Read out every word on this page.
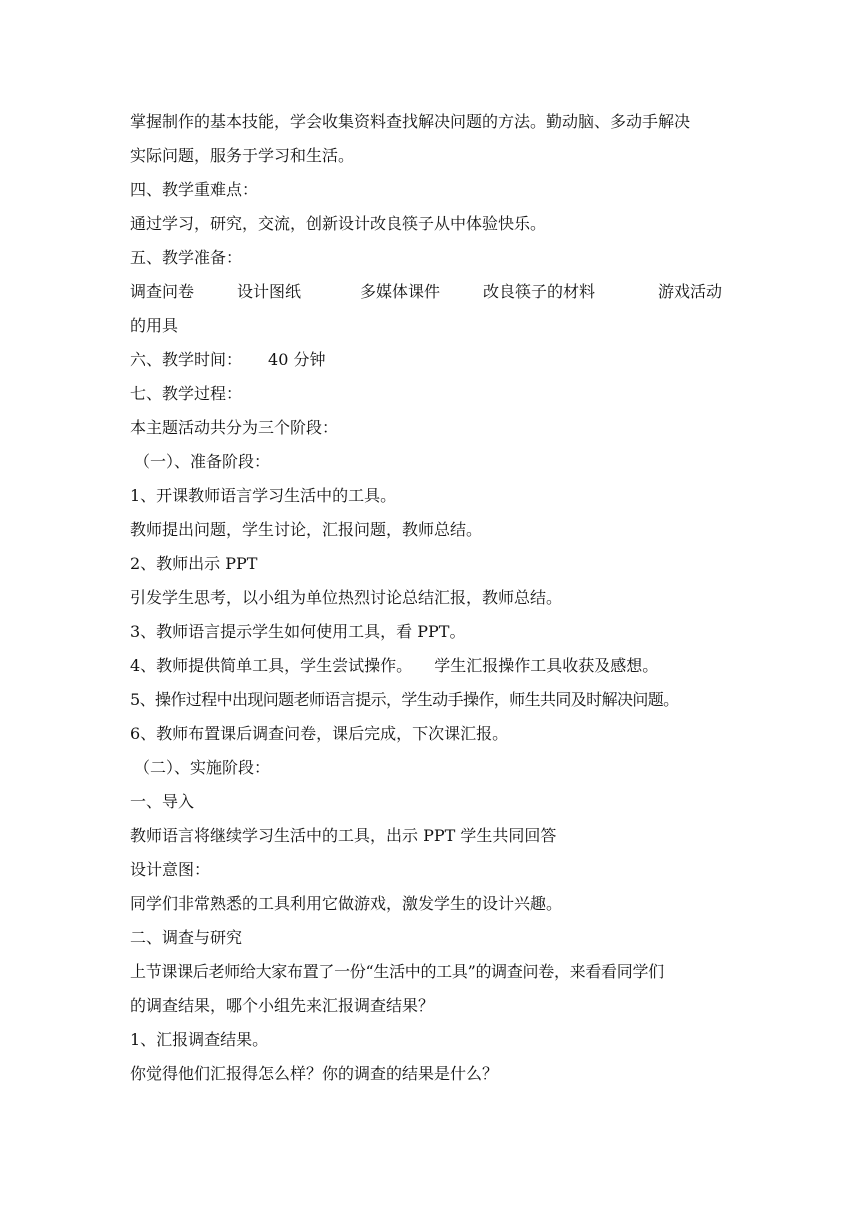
掌握制作的基本技能，学会收集资料查找解决问题的方法。勤动脑、多动手解决
实际问题，服务于学习和生活。
四、教学重难点：
通过学习，研究，交流，创新设计改良筷子从中体验快乐。
五、教学准备：
调查问卷	设计图纸	多媒体课件	改良筷子的材料	游戏活动
的用具
六、教学时间： 40 分钟
七、教学过程：
本主题活动共分为三个阶段：
（一）、准备阶段：
1、开课教师语言学习生活中的工具。
教师提出问题，学生讨论，汇报问题，教师总结。
2、教师出示 PPT
引发学生思考，以小组为单位热烈讨论总结汇报，教师总结。
3、教师语言提示学生如何使用工具，看 PPT。
4、教师提供简单工具，学生尝试操作。 学生汇报操作工具收获及感想。
5、操作过程中出现问题老师语言提示，学生动手操作，师生共同及时解决问题。
6、教师布置课后调查问卷，课后完成，下次课汇报。
（二）、实施阶段：
一、导入
教师语言将继续学习生活中的工具，出示 PPT 学生共同回答
设计意图：
同学们非常熟悉的工具利用它做游戏，激发学生的设计兴趣。
二、调查与研究
上节课课后老师给大家布置了一份“生活中的工具”的调查问卷，来看看同学们
的调查结果，哪个小组先来汇报调查结果？
1、汇报调查结果。
你觉得他们汇报得怎么样？你的调查的结果是什么？
